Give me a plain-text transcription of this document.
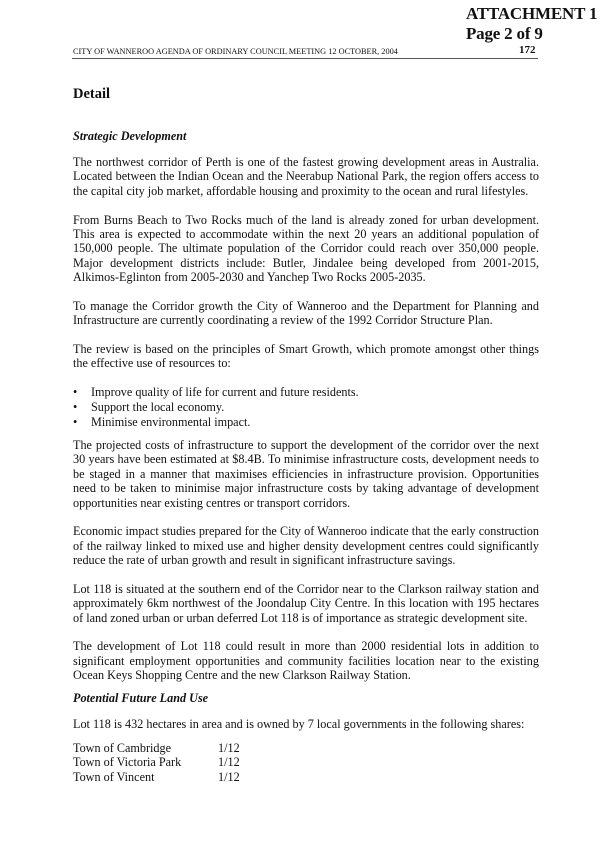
ATTACHMENT 1
Page 2 of 9
CITY OF WANNEROO AGENDA OF ORDINARY COUNCIL MEETING 12 OCTOBER, 2004	172
Detail
Strategic Development

The northwest corridor of Perth is one of the fastest growing development areas in Australia. Located between the Indian Ocean and the Neerabup National Park, the region offers access to the capital city job market, affordable housing and proximity to the ocean and rural lifestyles.

From Burns Beach to Two Rocks much of the land is already zoned for urban development. This area is expected to accommodate within the next 20 years an additional population of 150,000 people. The ultimate population of the Corridor could reach over 350,000 people. Major development districts include: Butler, Jindalee being developed from 2001-2015, Alkimos-Eglinton from 2005-2030 and Yanchep Two Rocks 2005-2035.

To manage the Corridor growth the City of Wanneroo and the Department for Planning and Infrastructure are currently coordinating a review of the 1992 Corridor Structure Plan.

The review is based on the principles of Smart Growth, which promote amongst other things the effective use of resources to:

• Improve quality of life for current and future residents.
• Support the local economy.
• Minimise environmental impact.

The projected costs of infrastructure to support the development of the corridor over the next 30 years have been estimated at $8.4B. To minimise infrastructure costs, development needs to be staged in a manner that maximises efficiencies in infrastructure provision. Opportunities need to be taken to minimise major infrastructure costs by taking advantage of development opportunities near existing centres or transport corridors.

Economic impact studies prepared for the City of Wanneroo indicate that the early construction of the railway linked to mixed use and higher density development centres could significantly reduce the rate of urban growth and result in significant infrastructure savings.

Lot 118 is situated at the southern end of the Corridor near to the Clarkson railway station and approximately 6km northwest of the Joondalup City Centre. In this location with 195 hectares of land zoned urban or urban deferred Lot 118 is of importance as strategic development site.

The development of Lot 118 could result in more than 2000 residential lots in addition to significant employment opportunities and community facilities location near to the existing Ocean Keys Shopping Centre and the new Clarkson Railway Station.

Potential Future Land Use

Lot 118 is 432 hectares in area and is owned by 7 local governments in the following shares:

Town of Cambridge	1/12
Town of Victoria Park	1/12
Town of Vincent	1/12
